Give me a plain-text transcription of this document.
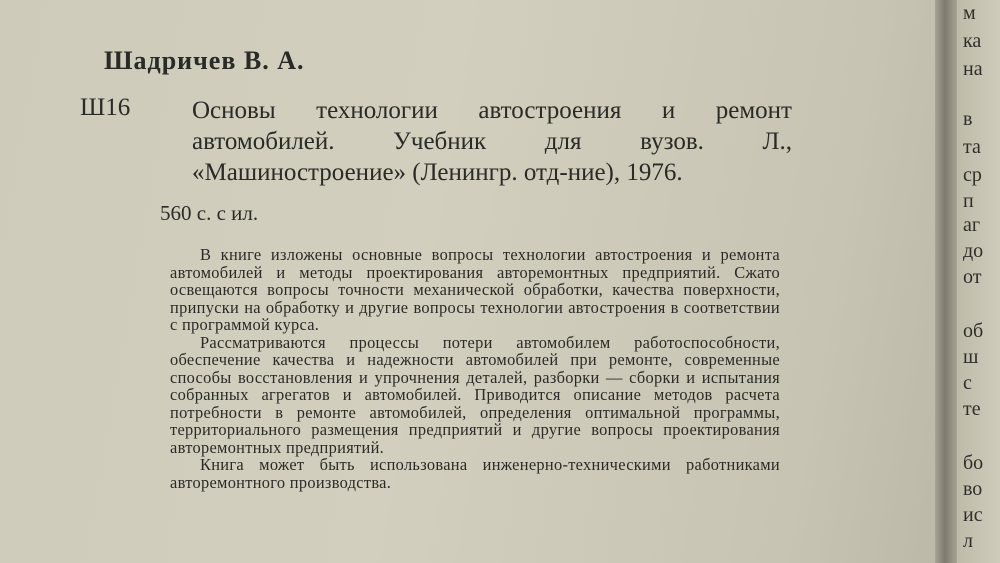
Шадричев В. А.
Ш16 Основы технологии автостроения и ремонт автомобилей. Учебник для вузов. Л., «Машиностроение» (Ленингр. отд-ние), 1976.

560 с. с ил.

В книге изложены основные вопросы технологии автостроения и ремонта автомобилей и методы проектирования авторемонтных предприятий. Сжато освещаются вопросы точности механической обработки, качества поверхности, припуски на обработку и другие вопросы технологии автостроения в соответствии с программой курса.

Рассматриваются процессы потери автомобилем работоспособности, обеспечение качества и надежности автомобилей при ремонте, современные способы восстановления и упрочнения деталей, разборки — сборки и испытания собранных агрегатов и автомобилей. Приводится описание методов расчета потребности в ремонте автомобилей, определения оптимальной программы, территориального размещения предприятий и другие вопросы проектирования авторемонтных предприятий.

Книга может быть использована инженерно-техническими работниками авторемонтного производства.

м
ка
на
в
та
ср
п
аг
до
от
об
ш
с
те
бо
во
ис
л
